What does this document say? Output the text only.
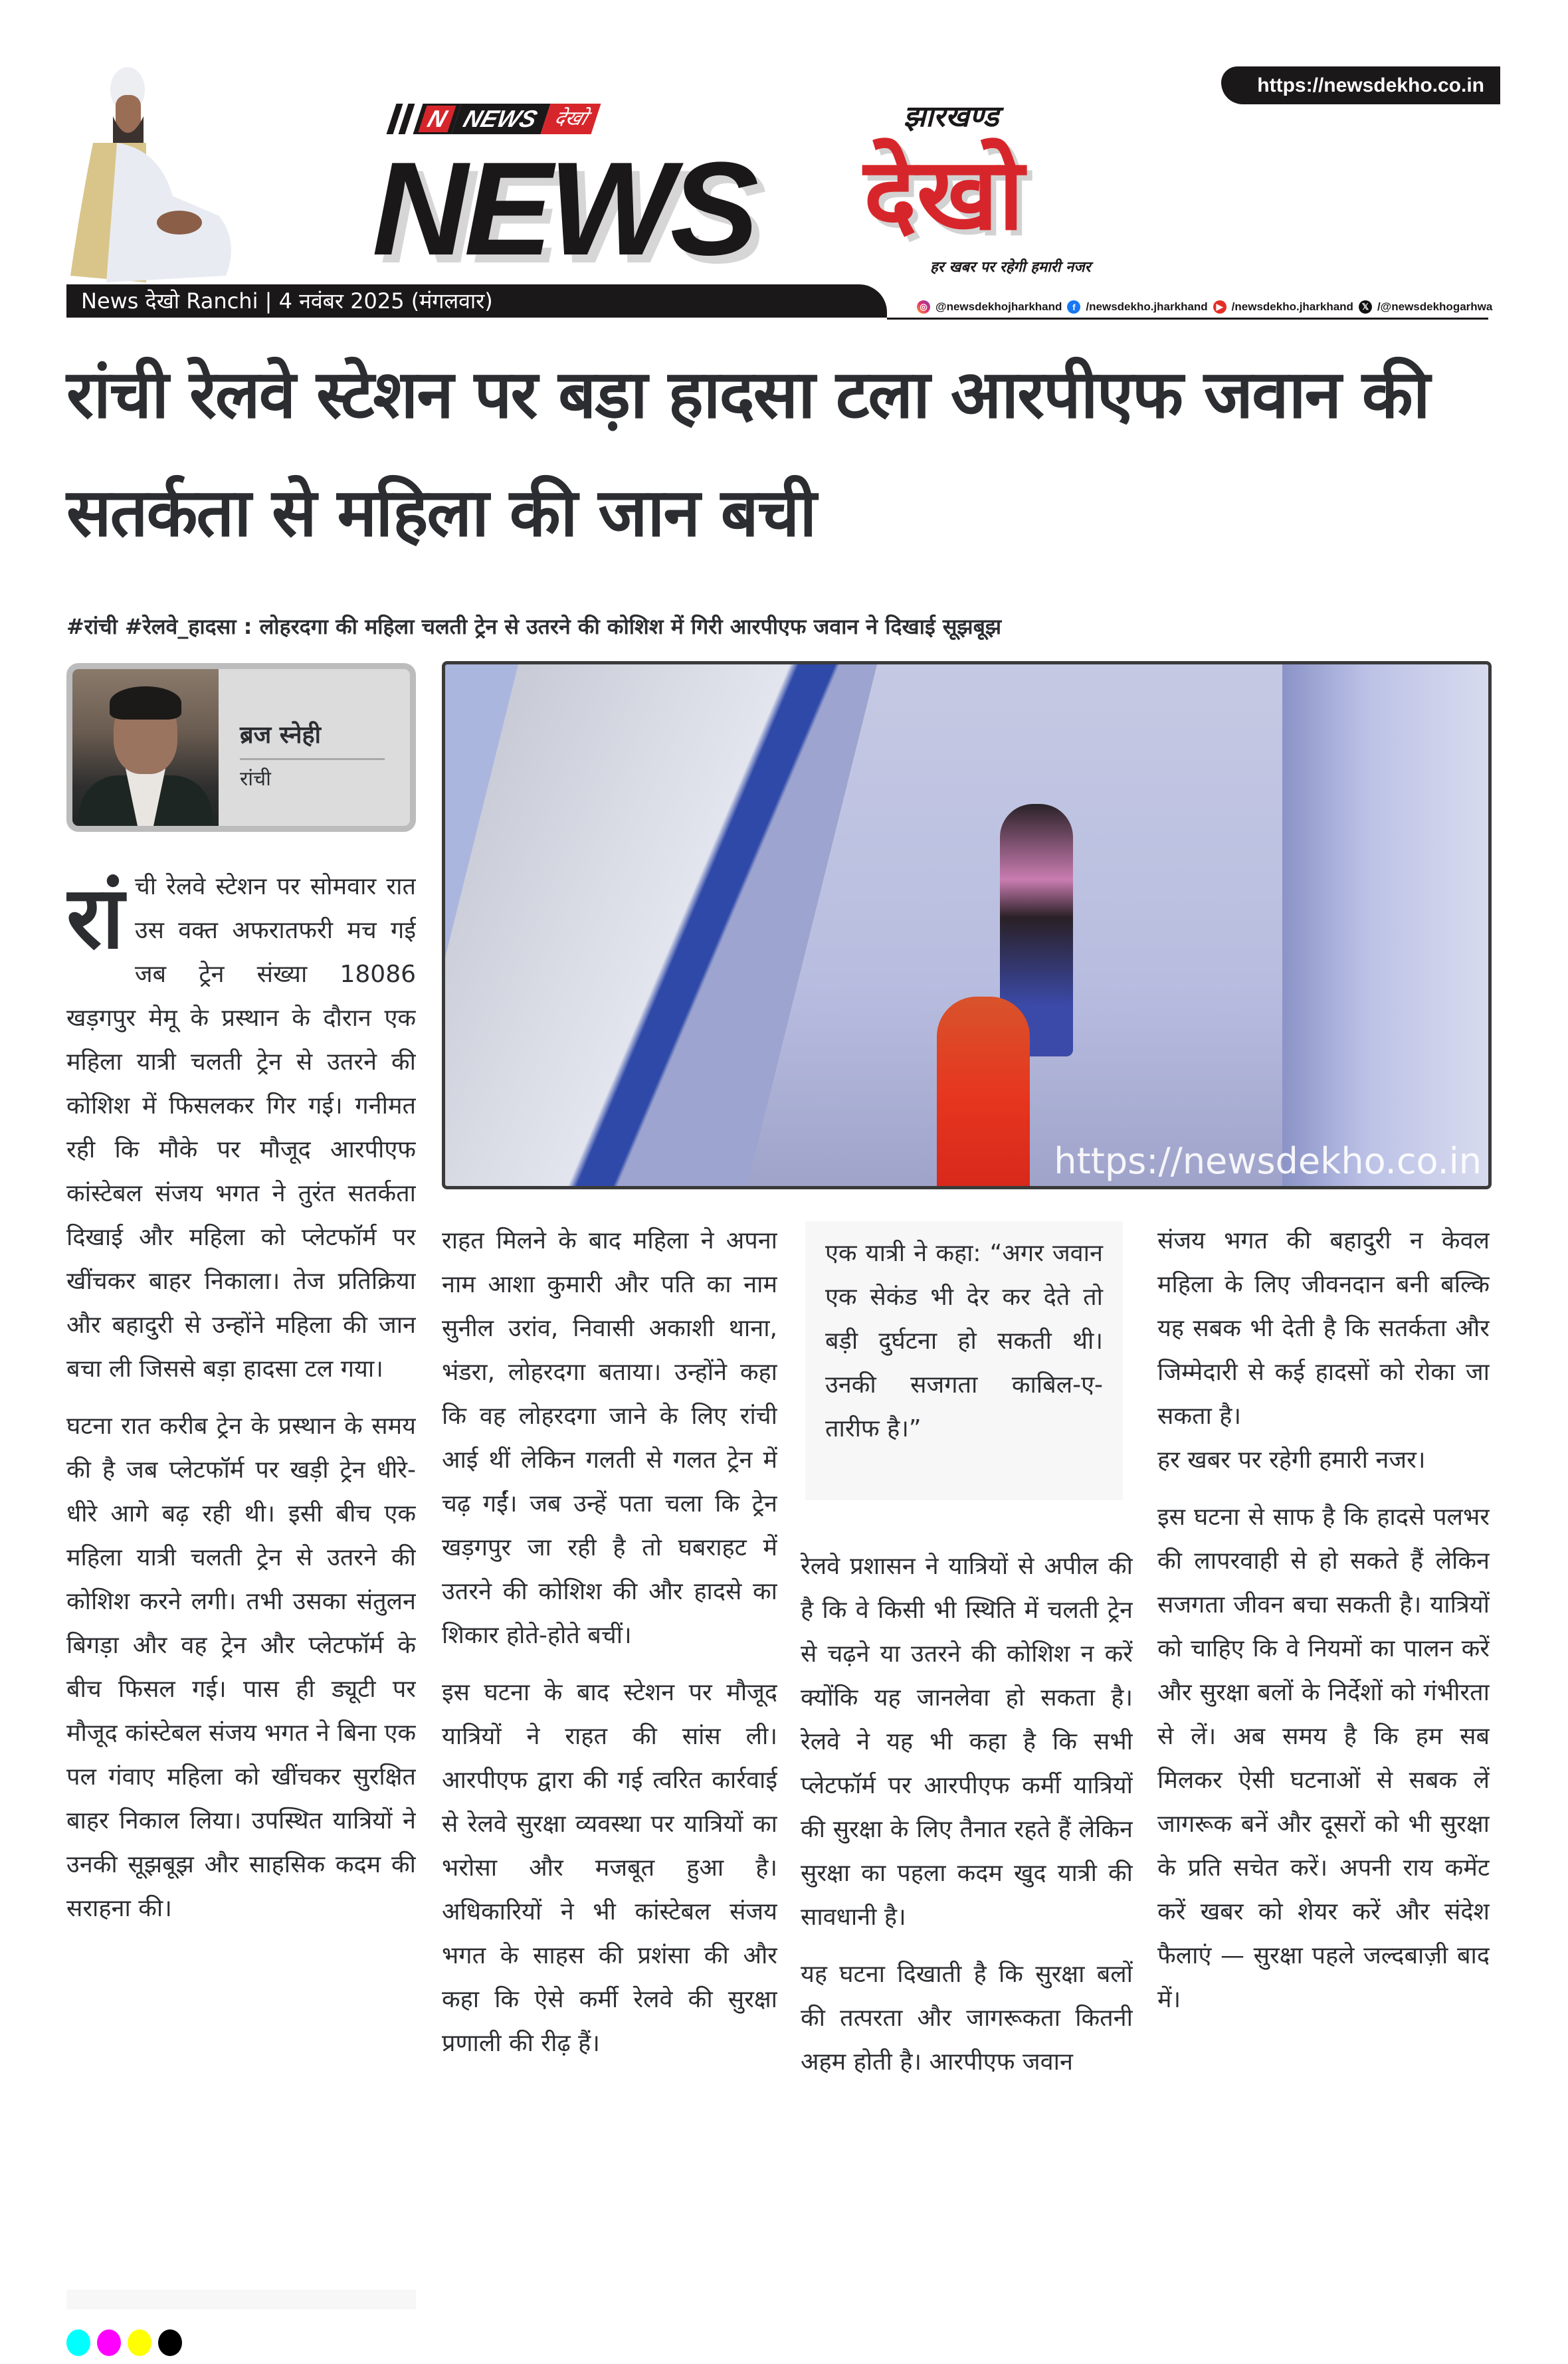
https://newsdekho.co.in
N NEWS देखो
NEWS
झारखण्ड
देखो
हर खबर पर रहेगी हमारी नजर
News देखो Ranchi | 4 नवंबर 2025 (मंगलवार)	◎ @newsdekhojharkhand	f /newsdekho.jharkhand	▶ /newsdekho.jharkhand 𝕏 /@newsdekhogarhwa
रांची रेलवे स्टेशन पर बड़ा हादसा टला आरपीएफ जवान की सतर्कता से महिला की जान बची
#रांची #रेलवे_हादसा : लोहरदगा की महिला चलती ट्रेन से उतरने की कोशिश में गिरी आरपीएफ जवान ने दिखाई सूझबूझ
ब्रज स्नेही
रांची
https://newsdekho.co.in

रांची रेलवे स्टेशन पर सोमवार रात उस वक्त अफरातफरी मच गई जब ट्रेन संख्या 18086 खड़गपुर मेमू के प्रस्थान के दौरान एक महिला यात्री चलती ट्रेन से उतरने की कोशिश में फिसलकर गिर गई। गनीमत रही कि मौके पर मौजूद आरपीएफ कांस्टेबल संजय भगत ने तुरंत सतर्कता दिखाई और महिला को प्लेटफॉर्म पर खींचकर बाहर निकाला। तेज प्रतिक्रिया और बहादुरी से उन्होंने महिला की जान बचा ली जिससे बड़ा हादसा टल गया।

घटना रात करीब ट्रेन के प्रस्थान के समय की है जब प्लेटफॉर्म पर खड़ी ट्रेन धीरे-धीरे आगे बढ़ रही थी। इसी बीच एक महिला यात्री चलती ट्रेन से उतरने की कोशिश करने लगी। तभी उसका संतुलन बिगड़ा और वह ट्रेन और प्लेटफॉर्म के बीच फिसल गई। पास ही ड्यूटी पर मौजूद कांस्टेबल संजय भगत ने बिना एक पल गंवाए महिला को खींचकर सुरक्षित बाहर निकाल लिया। उपस्थित यात्रियों ने उनकी सूझबूझ और साहसिक कदम की सराहना की।

राहत मिलने के बाद महिला ने अपना नाम आशा कुमारी और पति का नाम सुनील उरांव, निवासी अकाशी थाना, भंडरा, लोहरदगा बताया। उन्होंने कहा कि वह लोहरदगा जाने के लिए रांची आई थीं लेकिन गलती से गलत ट्रेन में चढ़ गईं। जब उन्हें पता चला कि ट्रेन खड़गपुर जा रही है तो घबराहट में उतरने की कोशिश की और हादसे का शिकार होते-होते बचीं।

इस घटना के बाद स्टेशन पर मौजूद यात्रियों ने राहत की सांस ली। आरपीएफ द्वारा की गई त्वरित कार्रवाई से रेलवे सुरक्षा व्यवस्था पर यात्रियों का भरोसा और मजबूत हुआ है। अधिकारियों ने भी कांस्टेबल संजय भगत के साहस की प्रशंसा की और कहा कि ऐसे कर्मी रेलवे की सुरक्षा प्रणाली की रीढ़ हैं।

एक यात्री ने कहा: “अगर जवान एक सेकंड भी देर कर देते तो बड़ी दुर्घटना हो सकती थी। उनकी सजगता काबिल-ए-तारीफ है।”

रेलवे प्रशासन ने यात्रियों से अपील की है कि वे किसी भी स्थिति में चलती ट्रेन से चढ़ने या उतरने की कोशिश न करें क्योंकि यह जानलेवा हो सकता है। रेलवे ने यह भी कहा है कि सभी प्लेटफॉर्म पर आरपीएफ कर्मी यात्रियों की सुरक्षा के लिए तैनात रहते हैं लेकिन सुरक्षा का पहला कदम खुद यात्री की सावधानी है।

यह घटना दिखाती है कि सुरक्षा बलों की तत्परता और जागरूकता कितनी अहम होती है। आरपीएफ जवान

संजय भगत की बहादुरी न केवल महिला के लिए जीवनदान बनी बल्कि यह सबक भी देती है कि सतर्कता और जिम्मेदारी से कई हादसों को रोका जा सकता है।

हर खबर पर रहेगी हमारी नजर।

इस घटना से साफ है कि हादसे पलभर की लापरवाही से हो सकते हैं लेकिन सजगता जीवन बचा सकती है। यात्रियों को चाहिए कि वे नियमों का पालन करें और सुरक्षा बलों के निर्देशों को गंभीरता से लें। अब समय है कि हम सब मिलकर ऐसी घटनाओं से सबक लें जागरूक बनें और दूसरों को भी सुरक्षा के प्रति सचेत करें। अपनी राय कमेंट करें खबर को शेयर करें और संदेश फैलाएं — सुरक्षा पहले जल्दबाज़ी बाद में।
